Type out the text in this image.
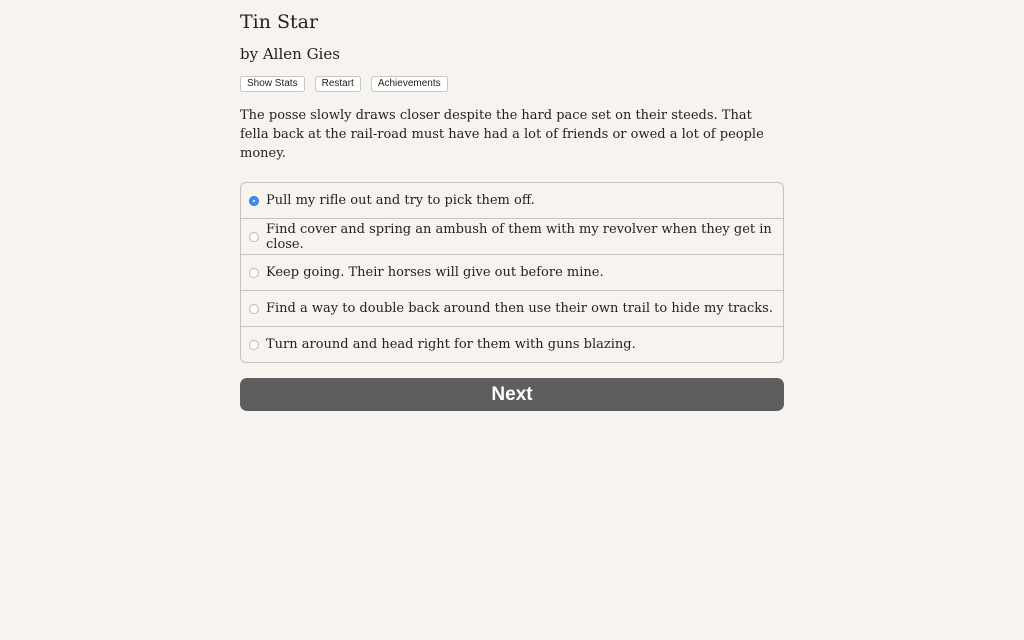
Tin Star
by Allen Gies
Show Stats	Restart	Achievements

The posse slowly draws closer despite the hard pace set on their steeds. That fella back at the rail-road must have had a lot of friends or owed a lot of people money.

Pull my rifle out and try to pick them off.
Find cover and spring an ambush of them with my revolver when they get in close.
Keep going. Their horses will give out before mine.
Find a way to double back around then use their own trail to hide my tracks.
Turn around and head right for them with guns blazing.
Next
